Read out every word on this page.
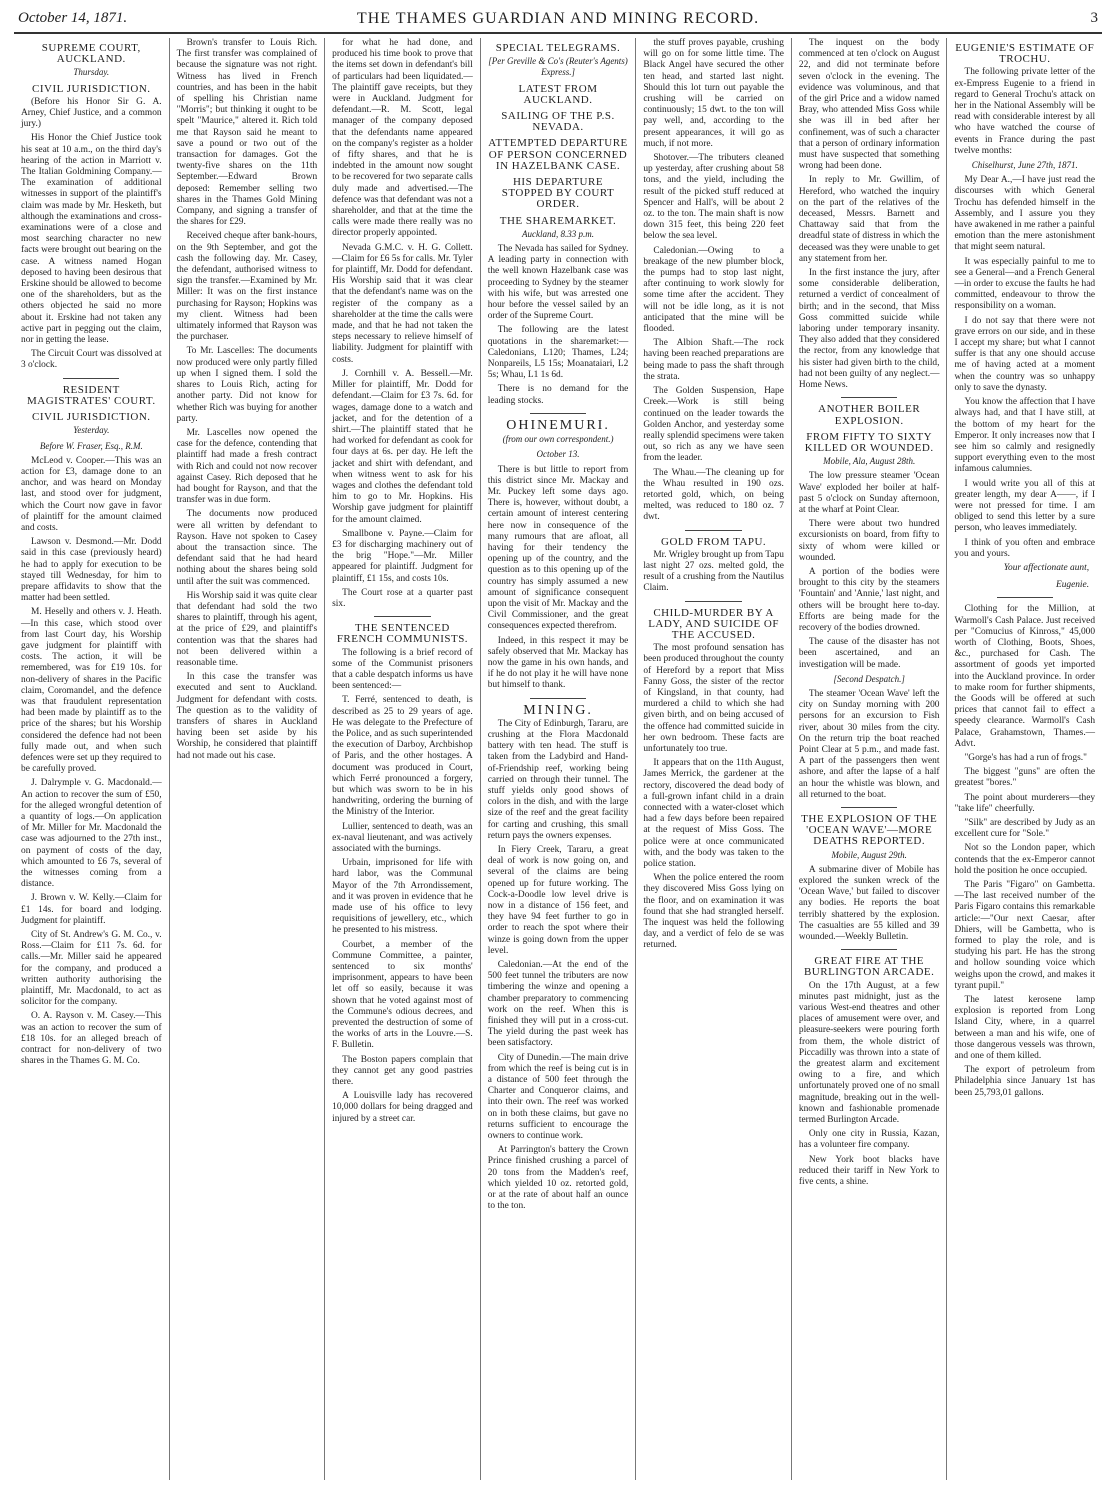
October 14, 1871.	THE THAMES GUARDIAN AND MINING RECORD.	3
SUPREME COURT, AUCKLAND.
Thursday.
CIVIL JURISDICTION.

(Before his Honor Sir G. A. Arney, Chief Justice, and a common jury.)

His Honor the Chief Justice took his seat at 10 a.m., on the third day's hearing of the action in Marriott v. The Italian Goldmining Company.—The examination of additional witnesses in support of the plaintiff's claim was made by Mr. Hesketh, but although the examinations and cross-examinations were of a close and most searching character no new facts were brought out bearing on the case. A witness named Hogan deposed to having been desirous that Erskine should be allowed to become one of the shareholders, but as the others objected he said no more about it. Erskine had not taken any active part in pegging out the claim, nor in getting the lease.

The Circuit Court was dissolved at 3 o'clock.

RESIDENT MAGISTRATES' COURT.
CIVIL JURISDICTION.
Yesterday.
Before W. Fraser, Esq., R.M.

McLeod v. Cooper.—This was an action for £3, damage done to an anchor, and was heard on Monday last, and stood over for judgment, which the Court now gave in favor of plaintiff for the amount claimed and costs.

Lawson v. Desmond.—Mr. Dodd said in this case (previously heard) he had to apply for execution to be stayed till Wednesday, for him to prepare affidavits to show that the matter had been settled.

M. Heselly and others v. J. Heath.—In this case, which stood over from last Court day, his Worship gave judgment for plaintiff with costs. The action, it will be remembered, was for £19 10s. for non-delivery of shares in the Pacific claim, Coromandel, and the defence was that fraudulent representation had been made by plaintiff as to the price of the shares; but his Worship considered the defence had not been fully made out, and when such defences were set up they required to be carefully proved.

J. Dalrymple v. G. Macdonald.—An action to recover the sum of £50, for the alleged wrongful detention of a quantity of logs.—On application of Mr. Miller for Mr. Macdonald the case was adjourned to the 27th inst., on payment of costs of the day, which amounted to £6 7s, several of the witnesses coming from a distance.

J. Brown v. W. Kelly.—Claim for £1 14s. for board and lodging. Judgment for plaintiff.

City of St. Andrew's G. M. Co., v. Ross.—Claim for £11 7s. 6d. for calls.—Mr. Miller said he appeared for the company, and produced a written authority authorising the plaintiff, Mr. Macdonald, to act as solicitor for the company.

O. A. Rayson v. M. Casey.—This was an action to recover the sum of £18 10s. for an alleged breach of contract for non-delivery of two shares in the Thames G. M. Co.

Brown's transfer to Louis Rich. The first transfer was complained of because the signature was not right. Witness has lived in French countries, and has been in the habit of spelling his Christian name "Morris"; but thinking it ought to be spelt "Maurice," altered it. Rich told me that Rayson said he meant to save a pound or two out of the transaction for damages. Got the twenty-five shares on the 11th September.—Edward Brown deposed: Remember selling two shares in the Thames Gold Mining Company, and signing a transfer of the shares for £29.

Received cheque after bank-hours, on the 9th September, and got the cash the following day. Mr. Casey, the defendant, authorised witness to sign the transfer.—Examined by Mr. Miller: It was on the first instance purchasing for Rayson; Hopkins was my client. Witness had been ultimately informed that Rayson was the purchaser.

To Mr. Lascelles: The documents now produced were only partly filled up when I signed them. I sold the shares to Louis Rich, acting for another party. Did not know for whether Rich was buying for another party.

Mr. Lascelles now opened the case for the defence, contending that plaintiff had made a fresh contract with Rich and could not now recover against Casey. Rich deposed that he had bought for Rayson, and that the transfer was in due form.

The documents now produced were all written by defendant to Rayson. Have not spoken to Casey about the transaction since. The defendant said that he had heard nothing about the shares being sold until after the suit was commenced.

His Worship said it was quite clear that defendant had sold the two shares to plaintiff, through his agent, at the price of £29, and plaintiff's contention was that the shares had not been delivered within a reasonable time.

In this case the transfer was executed and sent to Auckland. Judgment for defendant with costs. The question as to the validity of transfers of shares in Auckland having been set aside by his Worship, he considered that plaintiff had not made out his case.

for what he had done, and produced his time book to prove that the items set down in defendant's bill of particulars had been liquidated.—The plaintiff gave receipts, but they were in Auckland. Judgment for defendant.—R. M. Scott, legal manager of the company deposed that the defendants name appeared on the company's register as a holder of fifty shares, and that he is indebted in the amount now sought to be recovered for two separate calls duly made and advertised.—The defence was that defendant was not a shareholder, and that at the time the calls were made there really was no director properly appointed.

Nevada G.M.C. v. H. G. Collett.—Claim for £6 5s for calls. Mr. Tyler for plaintiff, Mr. Dodd for defendant. His Worship said that it was clear that the defendant's name was on the register of the company as a shareholder at the time the calls were made, and that he had not taken the steps necessary to relieve himself of liability. Judgment for plaintiff with costs.

J. Cornhill v. A. Bessell.—Mr. Miller for plaintiff, Mr. Dodd for defendant.—Claim for £3 7s. 6d. for wages, damage done to a watch and jacket, and for the detention of a shirt.—The plaintiff stated that he had worked for defendant as cook for four days at 6s. per day. He left the jacket and shirt with defendant, and when witness went to ask for his wages and clothes the defendant told him to go to Mr. Hopkins. His Worship gave judgment for plaintiff for the amount claimed.

Smallbone v. Payne.—Claim for £3 for discharging machinery out of the brig "Hope."—Mr. Miller appeared for plaintiff. Judgment for plaintiff, £1 15s, and costs 10s.

The Court rose at a quarter past six.

THE SENTENCED FRENCH COMMUNISTS.

The following is a brief record of some of the Communist prisoners that a cable despatch informs us have been sentenced:—

T. Ferré, sentenced to death, is described as 25 to 29 years of age. He was delegate to the Prefecture of the Police, and as such superintended the execution of Darboy, Archbishop of Paris, and the other hostages. A document was produced in Court, which Ferré pronounced a forgery, but which was sworn to be in his handwriting, ordering the burning of the Ministry of the Interior.

Lullier, sentenced to death, was an ex-naval lieutenant, and was actively associated with the burnings.

Urbain, imprisoned for life with hard labor, was the Communal Mayor of the 7th Arrondissement, and it was proven in evidence that he made use of his office to levy requisitions of jewellery, etc., which he presented to his mistress.

Courbet, a member of the Commune Committee, a painter, sentenced to six months' imprisonment, appears to have been let off so easily, because it was shown that he voted against most of the Commune's odious decrees, and prevented the destruction of some of the works of arts in the Louvre.—S. F. Bulletin.

The Boston papers complain that they cannot get any good pastries there.

A Louisville lady has recovered 10,000 dollars for being dragged and injured by a street car.

SPECIAL TELEGRAMS.
[Per Greville & Co's (Reuter's Agents) Express.]
LATEST FROM AUCKLAND.
SAILING OF THE P.S. NEVADA.
ATTEMPTED DEPARTURE OF PERSON CONCERNED IN HAZELBANK CASE.
HIS DEPARTURE STOPPED BY COURT ORDER.
THE SHAREMARKET.
Auckland, 8.33 p.m.

The Nevada has sailed for Sydney. A leading party in connection with the well known Hazelbank case was proceeding to Sydney by the steamer with his wife, but was arrested one hour before the vessel sailed by an order of the Supreme Court.

The following are the latest quotations in the sharemarket:—Caledonians, L120; Thames, L24; Nonpareils, L5 15s; Moanataiari, L2 5s; Whau, L1 1s 6d.

There is no demand for the leading stocks.

OHINEMURI.
(from our own correspondent.)
October 13.

There is but little to report from this district since Mr. Mackay and Mr. Puckey left some days ago. There is, however, without doubt, a certain amount of interest centering here now in consequence of the many rumours that are afloat, all having for their tendency the opening up of the country, and the question as to this opening up of the country has simply assumed a new amount of significance consequent upon the visit of Mr. Mackay and the Civil Commissioner, and the great consequences expected therefrom.

Indeed, in this respect it may be safely observed that Mr. Mackay has now the game in his own hands, and if he do not play it he will have none but himself to thank.

MINING.

The City of Edinburgh, Tararu, are crushing at the Flora Macdonald battery with ten head. The stuff is taken from the Ladybird and Hand-of-Friendship reef, working being carried on through their tunnel. The stuff yields only good shows of colors in the dish, and with the large size of the reef and the great facility for carting and crushing, this small return pays the owners expenses.

In Fiery Creek, Tararu, a great deal of work is now going on, and several of the claims are being opened up for future working. The Cock-a-Doodle low level drive is now in a distance of 156 feet, and they have 94 feet further to go in order to reach the spot where their winze is going down from the upper level.

Caledonian.—At the end of the 500 feet tunnel the tributers are now timbering the winze and opening a chamber preparatory to commencing work on the reef. When this is finished they will put in a cross-cut. The yield during the past week has been satisfactory.

City of Dunedin.—The main drive from which the reef is being cut is in a distance of 500 feet through the Charter and Conqueror claims, and into their own. The reef was worked on in both these claims, but gave no returns sufficient to encourage the owners to continue work.

At Parrington's battery the Crown Prince finished crushing a parcel of 20 tons from the Madden's reef, which yielded 10 oz. retorted gold, or at the rate of about half an ounce to the ton.

the stuff proves payable, crushing will go on for some little time. The Black Angel have secured the other ten head, and started last night. Should this lot turn out payable the crushing will be carried on continuously; 15 dwt. to the ton will pay well, and, according to the present appearances, it will go as much, if not more.

Shotover.—The tributers cleaned up yesterday, after crushing about 58 tons, and the yield, including the result of the picked stuff reduced at Spencer and Hall's, will be about 2 oz. to the ton. The main shaft is now down 315 feet, this being 220 feet below the sea level.

Caledonian.—Owing to a breakage of the new plumber block, the pumps had to stop last night, after continuing to work slowly for some time after the accident. They will not be idle long, as it is not anticipated that the mine will be flooded.

The Albion Shaft.—The rock having been reached preparations are being made to pass the shaft through the strata.

The Golden Suspension, Hape Creek.—Work is still being continued on the leader towards the Golden Anchor, and yesterday some really splendid specimens were taken out, so rich as any we have seen from the leader.

The Whau.—The cleaning up for the Whau resulted in 190 ozs. retorted gold, which, on being melted, was reduced to 180 oz. 7 dwt.

GOLD FROM TAPU.

Mr. Wrigley brought up from Tapu last night 27 ozs. melted gold, the result of a crushing from the Nautilus Claim.

CHILD-MURDER BY A LADY, AND SUICIDE OF THE ACCUSED.

The most profound sensation has been produced throughout the county of Hereford by a report that Miss Fanny Goss, the sister of the rector of Kingsland, in that county, had murdered a child to which she had given birth, and on being accused of the offence had committed suicide in her own bedroom. These facts are unfortunately too true.

It appears that on the 11th August, James Merrick, the gardener at the rectory, discovered the dead body of a full-grown infant child in a drain connected with a water-closet which had a few days before been repaired at the request of Miss Goss. The police were at once communicated with, and the body was taken to the police station.

When the police entered the room they discovered Miss Goss lying on the floor, and on examination it was found that she had strangled herself. The inquest was held the following day, and a verdict of felo de se was returned.

The inquest on the body commenced at ten o'clock on August 22, and did not terminate before seven o'clock in the evening. The evidence was voluminous, and that of the girl Price and a widow named Bray, who attended Miss Goss while she was ill in bed after her confinement, was of such a character that a person of ordinary information must have suspected that something wrong had been done.

In reply to Mr. Gwillim, of Hereford, who watched the inquiry on the part of the relatives of the deceased, Messrs. Barnett and Chattaway said that from the dreadful state of distress in which the deceased was they were unable to get any statement from her.

In the first instance the jury, after some considerable deliberation, returned a verdict of concealment of birth; and in the second, that Miss Goss committed suicide while laboring under temporary insanity. They also added that they considered the rector, from any knowledge that his sister had given birth to the child, had not been guilty of any neglect.—Home News.

ANOTHER BOILER EXPLOSION.
FROM FIFTY TO SIXTY KILLED OR WOUNDED.
Mobile, Ala, August 28th.

The low pressure steamer 'Ocean Wave' exploded her boiler at half-past 5 o'clock on Sunday afternoon, at the wharf at Point Clear.

There were about two hundred excursionists on board, from fifty to sixty of whom were killed or wounded.

A portion of the bodies were brought to this city by the steamers 'Fountain' and 'Annie,' last night, and others will be brought here to-day. Efforts are being made for the recovery of the bodies drowned.

The cause of the disaster has not been ascertained, and an investigation will be made.

[Second Despatch.]

The steamer 'Ocean Wave' left the city on Sunday morning with 200 persons for an excursion to Fish river, about 30 miles from the city. On the return trip the boat reached Point Clear at 5 p.m., and made fast. A part of the passengers then went ashore, and after the lapse of a half an hour the whistle was blown, and all returned to the boat.

THE EXPLOSION OF THE 'OCEAN WAVE'—MORE DEATHS REPORTED.
Mobile, August 29th.

A submarine diver of Mobile has explored the sunken wreck of the 'Ocean Wave,' but failed to discover any bodies. He reports the boat terribly shattered by the explosion. The casualties are 55 killed and 39 wounded.—Weekly Bulletin.

GREAT FIRE AT THE BURLINGTON ARCADE.

On the 17th August, at a few minutes past midnight, just as the various West-end theatres and other places of amusement were over, and pleasure-seekers were pouring forth from them, the whole district of Piccadilly was thrown into a state of the greatest alarm and excitement owing to a fire, and which unfortunately proved one of no small magnitude, breaking out in the well-known and fashionable promenade termed Burlington Arcade.

Only one city in Russia, Kazan, has a volunteer fire company.

New York boot blacks have reduced their tariff in New York to five cents, a shine.

EUGENIE'S ESTIMATE OF TROCHU.

The following private letter of the ex-Empress Eugenie to a friend in regard to General Trochu's attack on her in the National Assembly will be read with considerable interest by all who have watched the course of events in France during the past twelve months:

Chiselhurst, June 27th, 1871.

My Dear A.,—I have just read the discourses with which General Trochu has defended himself in the Assembly, and I assure you they have awakened in me rather a painful emotion than the mere astonishment that might seem natural.

It was especially painful to me to see a General—and a French General—in order to excuse the faults he had committed, endeavour to throw the responsibility on a woman.

I do not say that there were not grave errors on our side, and in these I accept my share; but what I cannot suffer is that any one should accuse me of having acted at a moment when the country was so unhappy only to save the dynasty.

You know the affection that I have always had, and that I have still, at the bottom of my heart for the Emperor. It only increases now that I see him so calmly and resignedly support everything even to the most infamous calumnies.

I would write you all of this at greater length, my dear A——, if I were not pressed for time. I am obliged to send this letter by a sure person, who leaves immediately.

I think of you often and embrace you and yours.

Your affectionate aunt,
Eugenie.

Clothing for the Million, at Warmoll's Cash Palace. Just received per "Comucius of Kinross," 45,000 worth of Clothing, Boots, Shoes, &c., purchased for Cash. The assortment of goods yet imported into the Auckland province. In order to make room for further shipments, the Goods will be offered at such prices that cannot fail to effect a speedy clearance. Warmoll's Cash Palace, Grahamstown, Thames.—Advt.

"Gorge's has had a run of frogs."

The biggest "guns" are often the greatest "bores."

The point about murderers—they "take life" cheerfully.

"Silk" are described by Judy as an excellent cure for "Sole."

Not so the London paper, which contends that the ex-Emperor cannot hold the position he once occupied.

The Paris "Figaro" on Gambetta.—The last received number of the Paris Figaro contains this remarkable article:—"Our next Caesar, after Dhiers, will be Gambetta, who is formed to play the role, and is studying his part. He has the strong and hollow sounding voice which weighs upon the crowd, and makes it tyrant pupil."

The latest kerosene lamp explosion is reported from Long Island City, where, in a quarrel between a man and his wife, one of those dangerous vessels was thrown, and one of them killed.

The export of petroleum from Philadelphia since January 1st has been 25,793,01 gallons.
